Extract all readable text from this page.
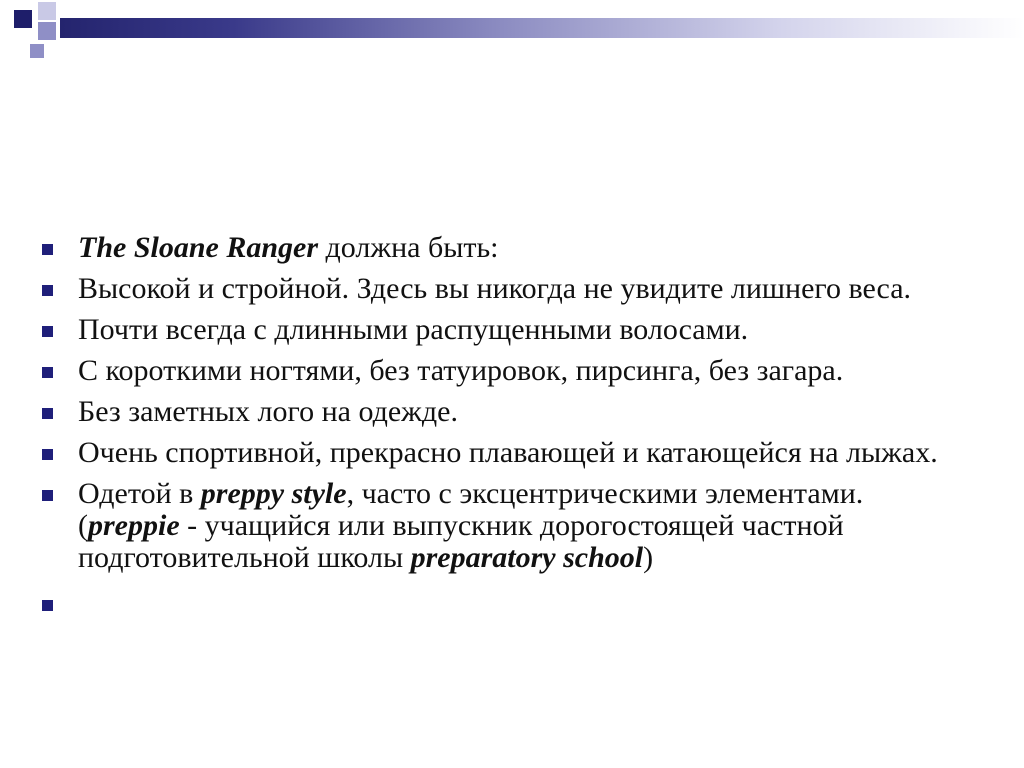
The Sloane Ranger должна быть:
Высокой и стройной. Здесь вы никогда не увидите лишнего веса.
Почти всегда с длинными распущенными волосами.
С короткими ногтями, без татуировок, пирсинга, без загара.
Без заметных лого на одежде.
Очень спортивной, прекрасно плавающей и катающейся на лыжах.
Одетой в preppy style, часто с эксцентрическими элементами. (preppie - учащийся или выпускник дорогостоящей частной подготовительной школы preparatory school)
